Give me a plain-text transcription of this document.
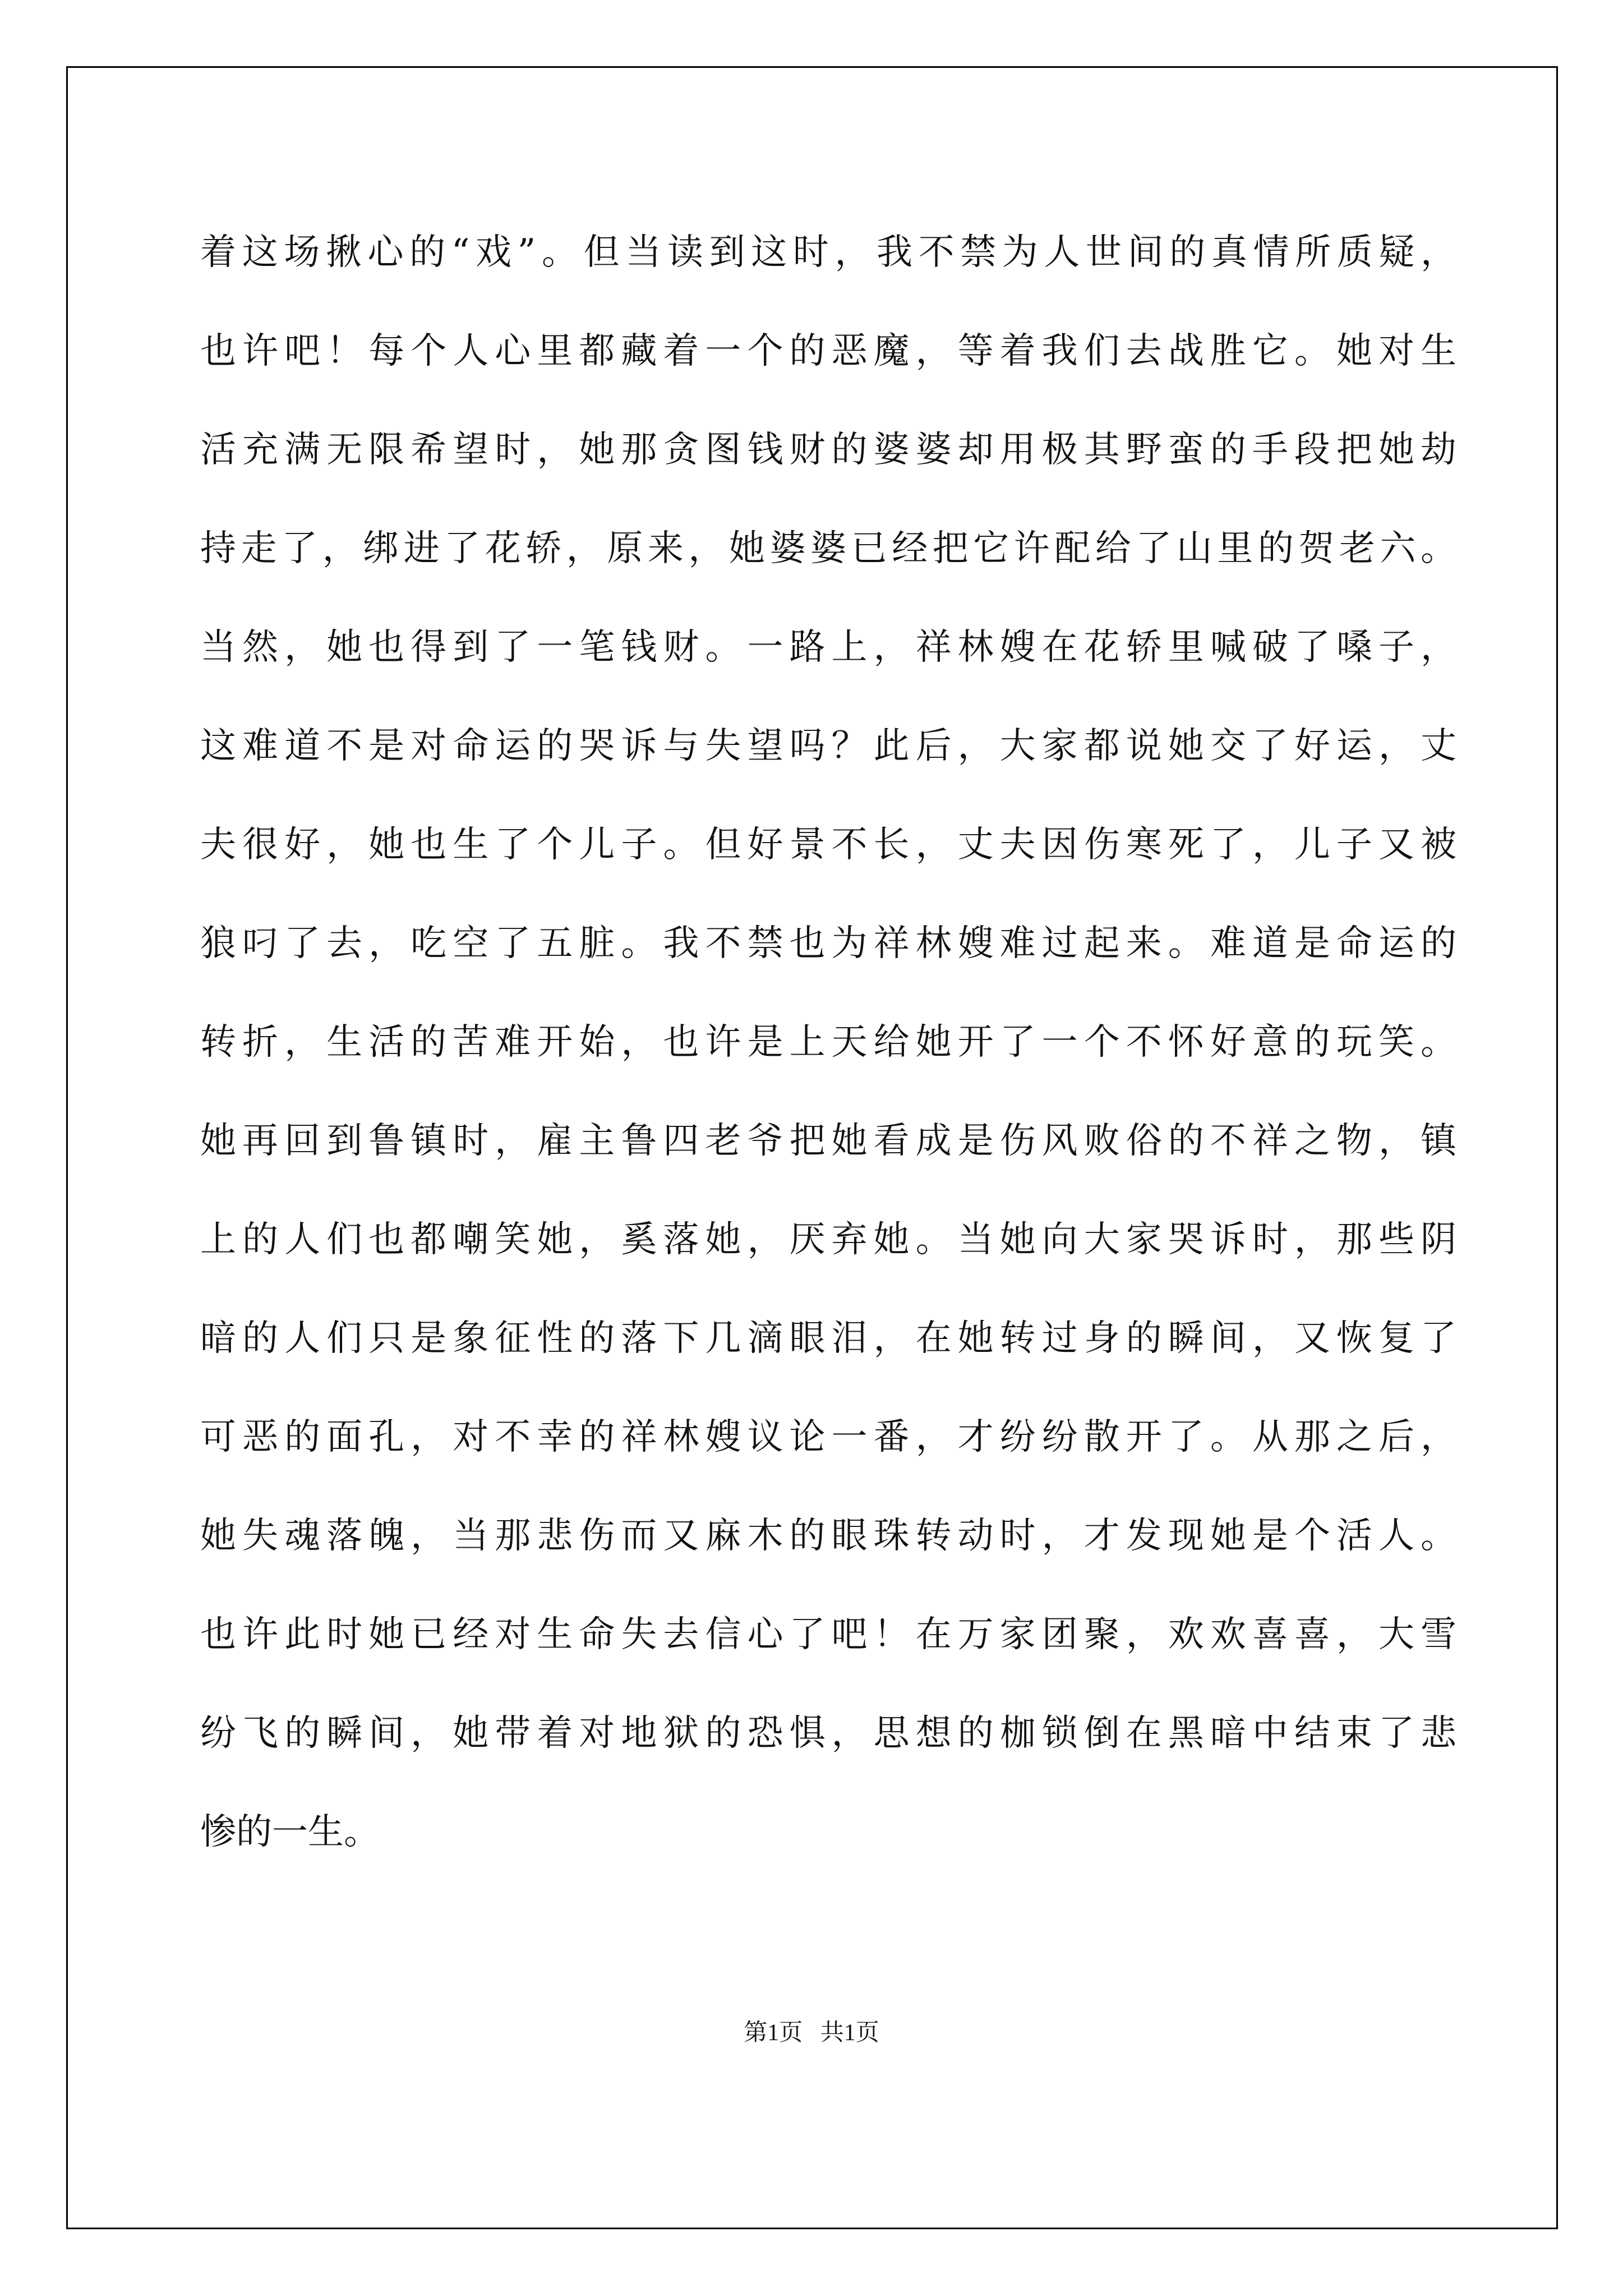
着这场揪心的“戏”。但当读到这时，我不禁为人世间的真情所质疑，
也许吧！每个人心里都藏着一个的恶魔，等着我们去战胜它。她对生
活充满无限希望时，她那贪图钱财的婆婆却用极其野蛮的手段把她劫
持走了，绑进了花轿，原来，她婆婆已经把它许配给了山里的贺老六。
当然，她也得到了一笔钱财。一路上，祥林嫂在花轿里喊破了嗓子，
这难道不是对命运的哭诉与失望吗？此后，大家都说她交了好运，丈
夫很好，她也生了个儿子。但好景不长，丈夫因伤寒死了，儿子又被
狼叼了去，吃空了五脏。我不禁也为祥林嫂难过起来。难道是命运的
转折，生活的苦难开始，也许是上天给她开了一个不怀好意的玩笑。
她再回到鲁镇时，雇主鲁四老爷把她看成是伤风败俗的不祥之物，镇
上的人们也都嘲笑她，奚落她，厌弃她。当她向大家哭诉时，那些阴
暗的人们只是象征性的落下几滴眼泪，在她转过身的瞬间，又恢复了
可恶的面孔，对不幸的祥林嫂议论一番，才纷纷散开了。从那之后，
她失魂落魄，当那悲伤而又麻木的眼珠转动时，才发现她是个活人。
也许此时她已经对生命失去信心了吧！在万家团聚，欢欢喜喜，大雪
纷飞的瞬间，她带着对地狱的恐惧，思想的枷锁倒在黑暗中结束了悲
惨的一生。
第1页   共1页
